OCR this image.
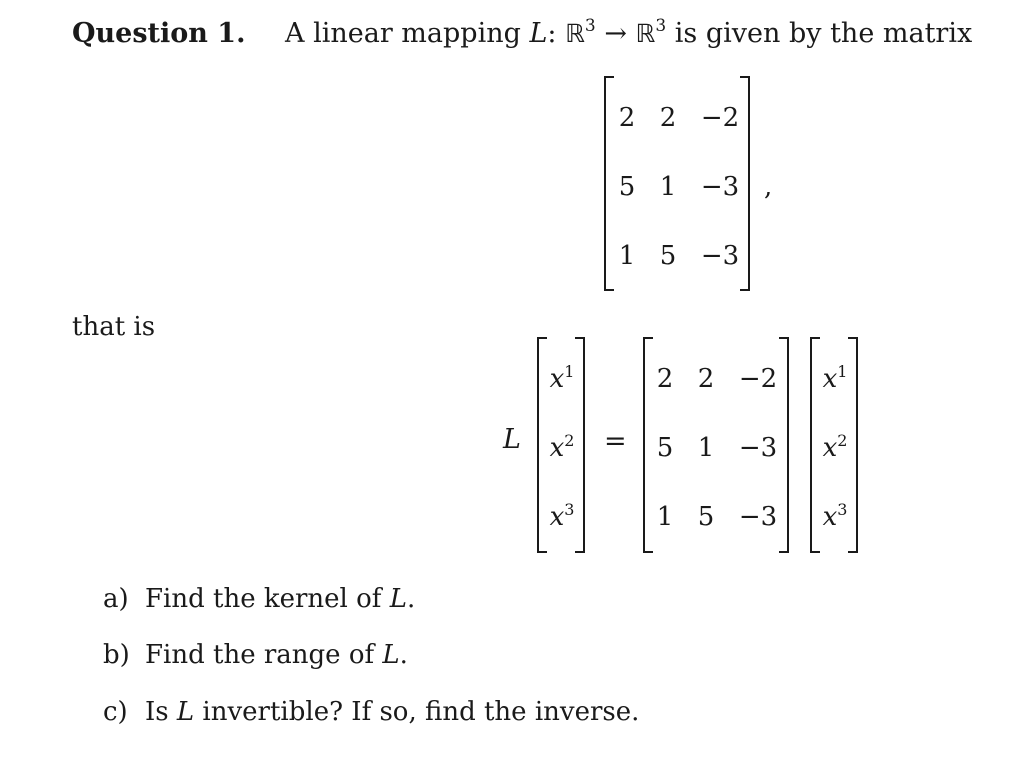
Question 1. A linear mapping L: ℝ$^3$ → ℝ$^3$ is given by the matrix
2 2 −2
5 1 −3
1 5 −3
,
that is
L
$x^1$
$x^2$
$x^3$
=
2 2 −2
5 1 −3
1 5 −3
$x^1$
$x^2$
$x^3$
a) Find the kernel of L.
b) Find the range of L.
c) Is L invertible? If so, find the inverse.
